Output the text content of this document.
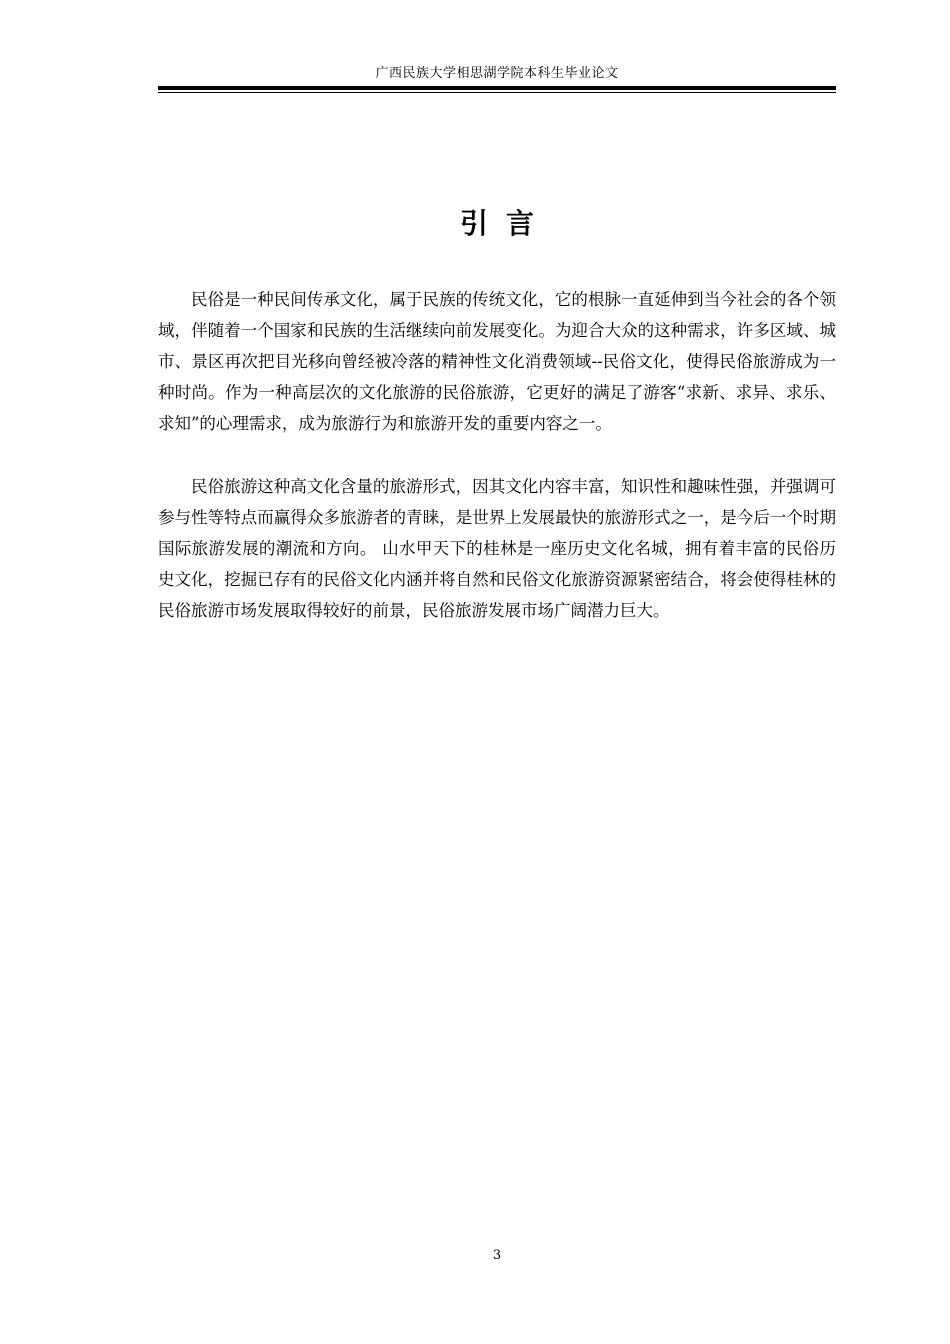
广西民族大学相思湖学院本科生毕业论文
引言

民俗是一种民间传承文化，属于民族的传统文化，它的根脉一直延伸到当今社会的各个领域，伴随着一个国家和民族的生活继续向前发展变化。为迎合大众的这种需求，许多区域、城市、景区再次把目光移向曾经被冷落的精神性文化消费领域--民俗文化，使得民俗旅游成为一种时尚。作为一种高层次的文化旅游的民俗旅游，它更好的满足了游客“求新、求异、求乐、求知”的心理需求，成为旅游行为和旅游开发的重要内容之一。

民俗旅游这种高文化含量的旅游形式，因其文化内容丰富，知识性和趣味性强，并强调可参与性等特点而赢得众多旅游者的青睐，是世界上发展最快的旅游形式之一，是今后一个时期国际旅游发展的潮流和方向。 山水甲天下的桂林是一座历史文化名城，拥有着丰富的民俗历史文化，挖掘已存有的民俗文化内涵并将自然和民俗文化旅游资源紧密结合，将会使得桂林的民俗旅游市场发展取得较好的前景，民俗旅游发展市场广阔潜力巨大。

3
